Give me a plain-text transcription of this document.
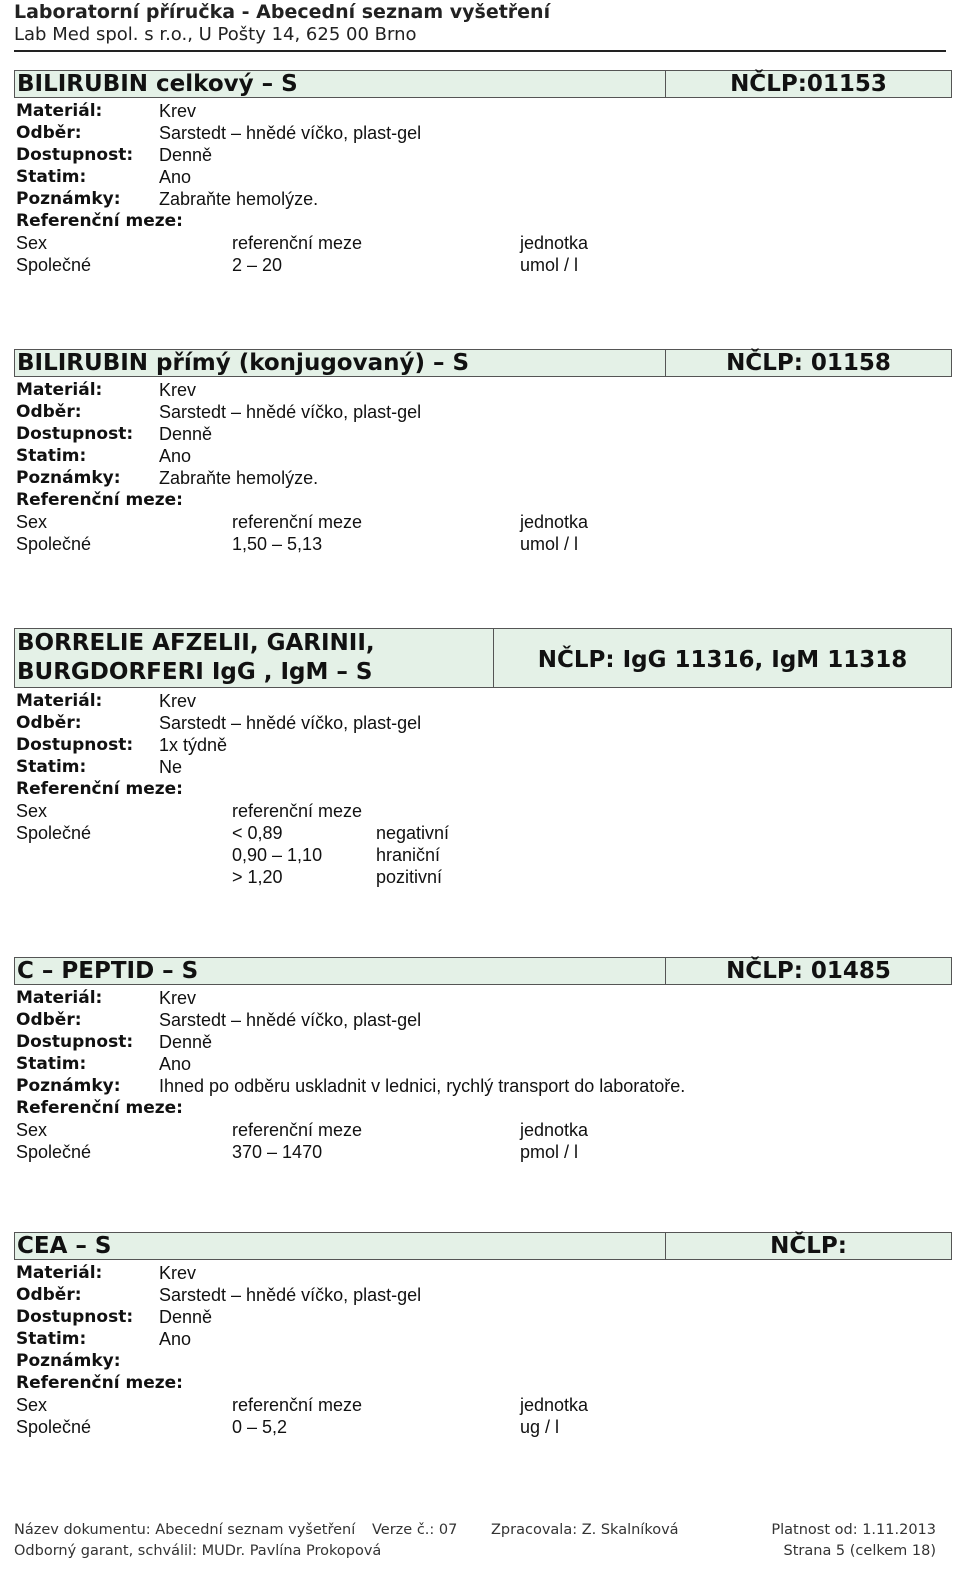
Laboratorní příručka - Abecední seznam vyšetření
Lab Med spol. s r.o., U Pošty 14, 625 00 Brno
BILIRUBIN celkový – S	NČLP:01153
Materiál:	Krev
Odběr:	Sarstedt – hnědé víčko, plast-gel
Dostupnost: Denně
Statim:	Ano
Poznámky: Zabraňte hemolýze.
Referenční meze:
Sex	referenční meze	jednotka
Společné	2 – 20	umol / l
BILIRUBIN přímý (konjugovaný) – S	NČLP: 01158
Materiál:	Krev
Odběr:	Sarstedt – hnědé víčko, plast-gel
Dostupnost: Denně
Statim:	Ano
Poznámky: Zabraňte hemolýze.
Referenční meze:
Sex	referenční meze	jednotka
Společné	1,50 – 5,13	umol / l
BORRELIE AFZELII, GARINII,
BURGDORFERI IgG , IgM – S	NČLP: IgG 11316, IgM 11318
Materiál:	Krev
Odběr:	Sarstedt – hnědé víčko, plast-gel
Dostupnost: 1x týdně
Statim:	Ne
Referenční meze:
Sex	referenční meze
Společné	< 0,89	negativní
0,90 – 1,10	hraniční
> 1,20	pozitivní
C – PEPTID – S	NČLP: 01485
Materiál:	Krev
Odběr:	Sarstedt – hnědé víčko, plast-gel
Dostupnost: Denně
Statim:	Ano
Poznámky: Ihned po odběru uskladnit v lednici, rychlý transport do laboratoře.
Referenční meze:
Sex	referenční meze	jednotka
Společné	370 – 1470	pmol / l
CEA – S	NČLP:
Materiál:	Krev
Odběr:	Sarstedt – hnědé víčko, plast-gel
Dostupnost: Denně
Statim:	Ano
Poznámky:
Referenční meze:
Sex	referenční meze	jednotka
Společné	0 – 5,2	ug / l
Název dokumentu: Abecední seznam vyšetření Verze č.: 07 Zpracovala: Z. Skalníková	Platnost od: 1.11.2013
Odborný garant, schválil: MUDr. Pavlína Prokopová	Strana 5 (celkem 18)
